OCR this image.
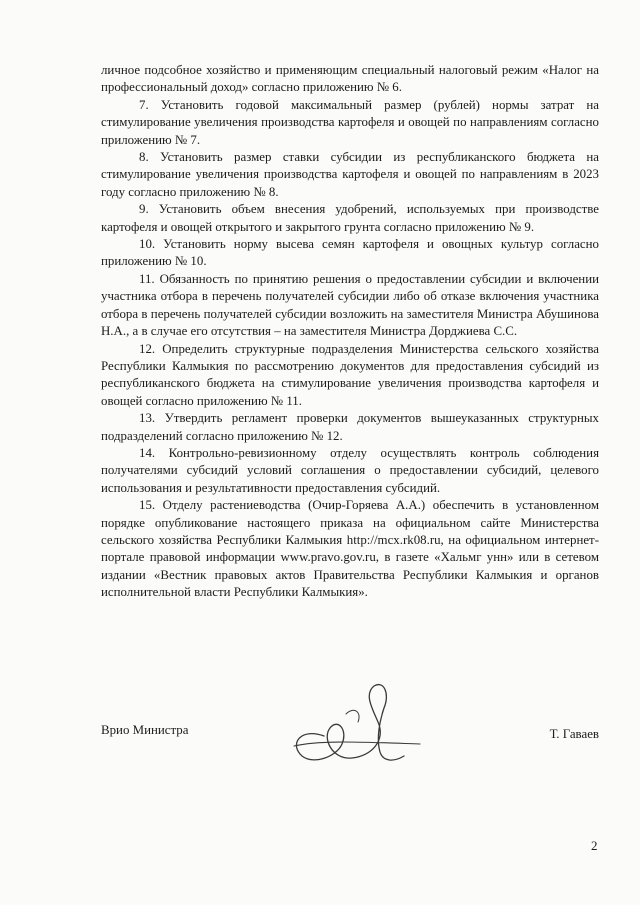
личное подсобное хозяйство и применяющим специальный налоговый режим «Налог на профессиональный доход» согласно приложению № 6.

7. Установить годовой максимальный размер (рублей) нормы затрат на стимулирование увеличения производства картофеля и овощей по направлениям согласно приложению № 7.

8. Установить размер ставки субсидии из республиканского бюджета на стимулирование увеличения производства картофеля и овощей по направлениям в 2023 году согласно приложению № 8.

9. Установить объем внесения удобрений, используемых при производстве картофеля и овощей открытого и закрытого грунта согласно приложению № 9.

10. Установить норму высева семян картофеля и овощных культур согласно приложению № 10.

11. Обязанность по принятию решения о предоставлении субсидии и включении участника отбора в перечень получателей субсидии либо об отказе включения участника отбора в перечень получателей субсидии возложить на заместителя Министра Абушинова Н.А., а в случае его отсутствия – на заместителя Министра Дорджиева С.С.

12. Определить структурные подразделения Министерства сельского хозяйства Республики Калмыкия по рассмотрению документов для предоставления субсидий из республиканского бюджета на стимулирование увеличения производства картофеля и овощей согласно приложению № 11.

13. Утвердить регламент проверки документов вышеуказанных структурных подразделений согласно приложению № 12.

14. Контрольно-ревизионному отделу осуществлять контроль соблюдения получателями субсидий условий соглашения о предоставлении субсидий, целевого использования и результативности предоставления субсидий.

15. Отделу растениеводства (Очир-Горяева А.А.) обеспечить в установленном порядке опубликование настоящего приказа на официальном сайте Министерства сельского хозяйства Республики Калмыкия http://mcx.rk08.ru, на официальном интернет-портале правовой информации www.pravo.gov.ru, в газете «Хальмг унн» или в сетевом издании «Вестник правовых актов Правительства Республики Калмыкия и органов исполнительной власти Республики Калмыкия».

Врио Министра	Т. Гаваев
2
